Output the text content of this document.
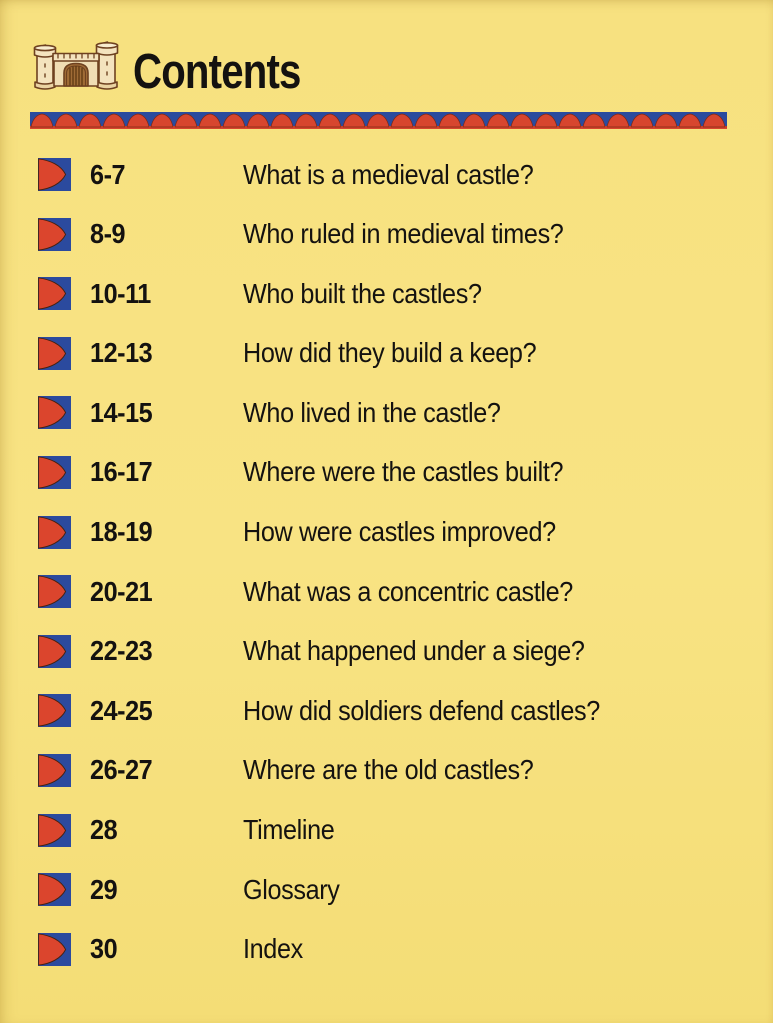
Contents
6-7	What is a medieval castle?
8-9	Who ruled in medieval times?
10-11	Who built the castles?
12-13	How did they build a keep?
14-15	Who lived in the castle?
16-17	Where were the castles built?
18-19	How were castles improved?
20-21	What was a concentric castle?
22-23	What happened under a siege?
24-25	How did soldiers defend castles?
26-27	Where are the old castles?
28	Timeline
29	Glossary
30	Index
